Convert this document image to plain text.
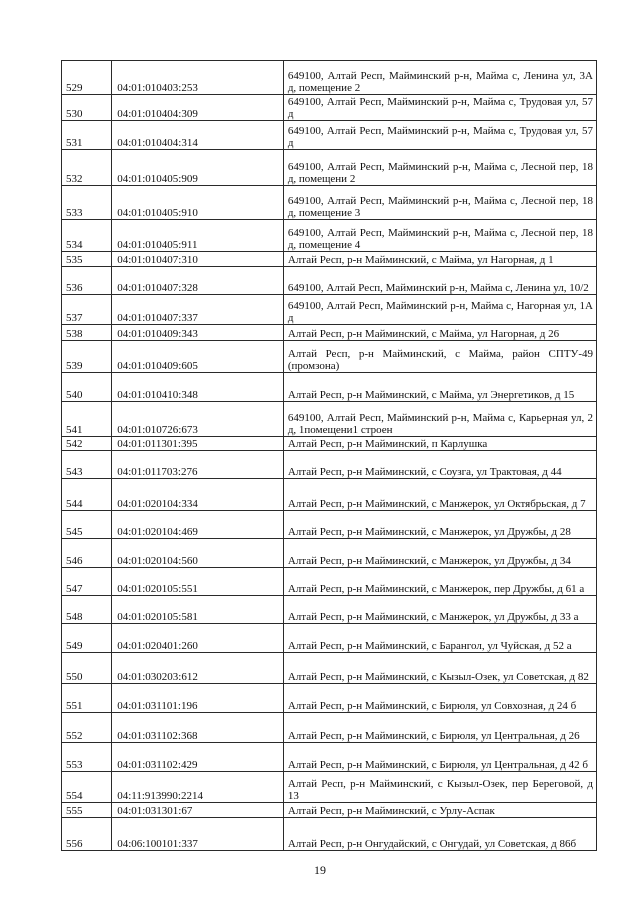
529	04:01:010403:253	649100, Алтай Респ, Майминский р-н, Майма с, Ленина ул, 3А д, помещение 2

530	04:01:010404:309	649100, Алтай Респ, Майминский р-н, Майма с, Трудовая ул, 57 д

531	04:01:010404:314	649100, Алтай Респ, Майминский р-н, Майма с, Трудовая ул, 57 д

532	04:01:010405:909	649100, Алтай Респ, Майминский р-н, Майма с, Лесной пер, 18 д, помещени 2

533	04:01:010405:910	649100, Алтай Респ, Майминский р-н, Майма с, Лесной пер, 18 д, помещение 3

534	04:01:010405:911	649100, Алтай Респ, Майминский р-н, Майма с, Лесной пер, 18 д, помещение 4

535	04:01:010407:310	Алтай Респ, р-н Майминский, с Майма, ул Нагорная, д 1

536	04:01:010407:328	649100, Алтай Респ, Майминский р-н, Майма с, Ленина ул, 10/2

537	04:01:010407:337	649100, Алтай Респ, Майминский р-н, Майма с, Нагорная ул, 1А д

538	04:01:010409:343	Алтай Респ, р-н Майминский, с Майма, ул Нагорная, д 26

539	04:01:010409:605	Алтай Респ, р-н Майминский, с Майма, район СПТУ-49 (промзона)

540	04:01:010410:348	Алтай Респ, р-н Майминский, с Майма, ул Энергетиков, д 15

541	04:01:010726:673	649100, Алтай Респ, Майминский р-н, Майма с, Карьерная ул, 2 д, 1помещени1 строен

542	04:01:011301:395	Алтай Респ, р-н Майминский, п Карлушка

543	04:01:011703:276	Алтай Респ, р-н Майминский, с Соузга, ул Трактовая, д 44

544	04:01:020104:334	Алтай Респ, р-н Майминский, с Манжерок, ул Октябрьская, д 7

545	04:01:020104:469	Алтай Респ, р-н Майминский, с Манжерок, ул Дружбы, д 28

546	04:01:020104:560	Алтай Респ, р-н Майминский, с Манжерок, ул Дружбы, д 34

547	04:01:020105:551	Алтай Респ, р-н Майминский, с Манжерок, пер Дружбы, д 61 а

548	04:01:020105:581	Алтай Респ, р-н Майминский, с Манжерок, ул Дружбы, д 33 а

549	04:01:020401:260	Алтай Респ, р-н Майминский, с Барангол, ул Чуйская, д 52 а

550	04:01:030203:612	Алтай Респ, р-н Майминский, с Кызыл-Озек, ул Советская, д 82

551	04:01:031101:196	Алтай Респ, р-н Майминский, с Бирюля, ул Совхозная, д 24 б

552	04:01:031102:368	Алтай Респ, р-н Майминский, с Бирюля, ул Центральная, д 26

553	04:01:031102:429	Алтай Респ, р-н Майминский, с Бирюля, ул Центральная, д 42 б

554	04:11:913990:2214	Алтай Респ, р-н Майминский, с Кызыл-Озек, пер Береговой, д 13

555	04:01:031301:67	Алтай Респ, р-н Майминский, с Урлу-Аспак

556	04:06:100101:337	Алтай Респ, р-н Онгудайский, с Онгудай, ул Советская, д 86б
19
